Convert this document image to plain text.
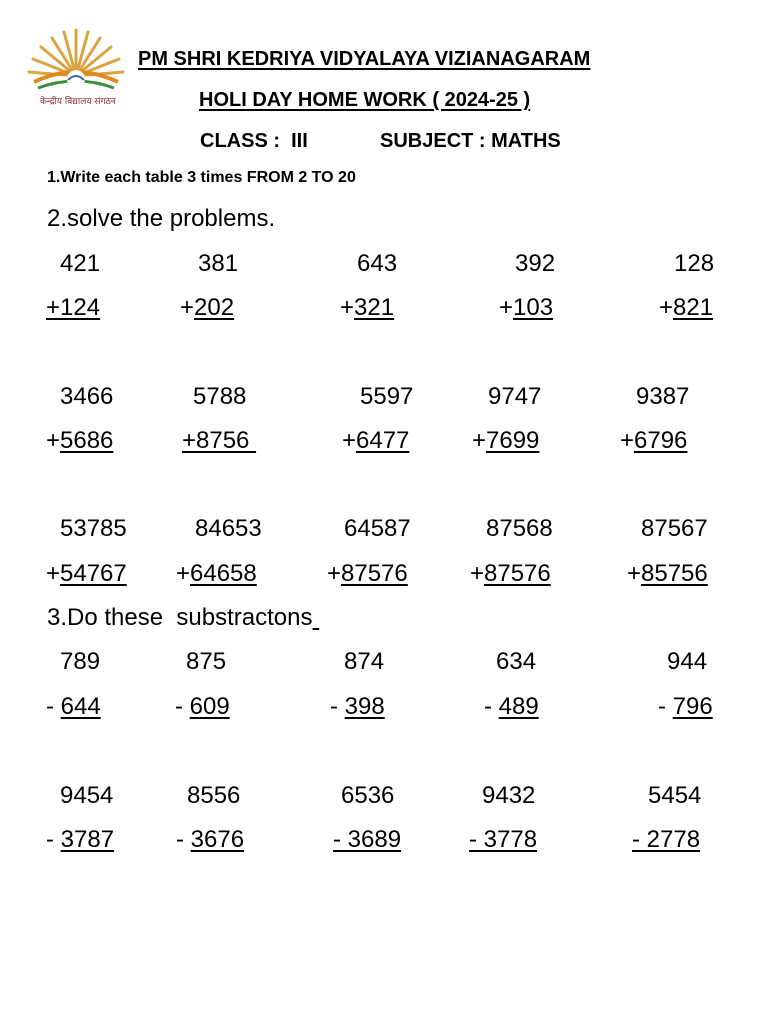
केन्द्रीय विद्यालय संगठन
PM SHRI KEDRIYA VIDYALAYA VIZIANAGARAM
HOLI DAY HOME WORK ( 2024-25 )
CLASS :  III	SUBJECT : MATHS
1.Write each table 3 times FROM 2 TO 20
2.solve the problems.
421	381	643	392	128
+124	+202	+321	+103	+821
3466	5788	5597	9747	9387
+5686	+8756	+6477	+7699	+6796
53785	84653	64587	87568	87567
+54767 +64658	+87576	+87576	+85756
3.Do these  substractons
789	875	874	634	944
- 644	- 609	- 398	- 489	- 796
9454	8556	6536	9432	5454
- 3787	- 3676	- 3689	- 3778	- 2778
